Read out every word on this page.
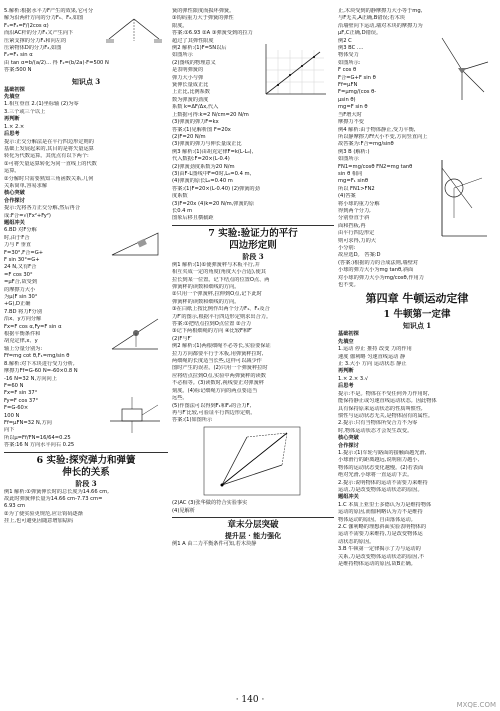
5.解析:根据水平力F产生的效果,它可分
解为沿两杆方向的分力F₁、F₂,如图
F₁=F₂=F/(2cos α)
而沿AC杆的分力F₁又产生向下
压紧支撑的分力F₁和向左的
压紧物体D的分力F₂,如图
F₂=F₁ sin α
由 tan α=b/(a/2)... 得 F₂=(b/2a)·F=500 N
答案:500 N
知识点 3
基础初探
先填空
1.相互垂直 2.(1)坐标轴 (2)为零
3.三个或三个以上
再判断
1.× 2.×
后思考
提示:正交分解法是在平行四边形定则的
基础上发展起来的,其目的是将矢量运算
转化为代数运算。其优点有以下两个:
①可将矢量运算转化为同一直线上的代数
运算。
②分解时只需要熟知三角函数关系,几何
关系简单,容易求解
核心突破
合作探讨
提示:先将各力正交分解,然后再合
成:F合=√(Fx²+Fy²)
题组冲关
6.BD 对F分解
时,由于F合
力与 F 垂直
F=30°,F合=G+
F sin 30°=G+
24 N,又有F合
=F cos 30°
=μF合,故受到
的摩擦力大小
为μ(F sin 30°
+G),D正确
7.BD 将力F分别
沿x、y方向分解
Fx=F cos α,Fy=F sin α
根据平衡条件和
胡克定律,x、y
轴上分量分别为:
Ff=mg cot θ,F₁=mg/sin θ
8.解析:对下木块进行受力分析,
摩擦力Ff=G-60 N=-60×0.8 N
-16 N=32 N,方向向上
F=60 N
Fx=F sin 37°
Fy=F cos 37°
F=G-60×
100 N
Ff=μFN=32 N,方向
向下
所以μ=Ff/FN=16/64=0.25
答案:16 N 方向水平向右 0.25
6 实验:探究弹力和弹簧
伸长的关系
阶段 3
例1 解析:①弹簧伸长时的总长度为14.66 cm,
故此时弹簧伸长量为14.66 cm-7.73 cm=
6.93 cm
②为了使实验更规范,应让钩码逐渐
挂上,也可避免因随意增加砝码
簧的弹性限度而损坏弹簧。
③钩码重力大于弹簧的弹性
限度。
答案:①6.93 ②A ③弹簧受到的拉力
超过了其弹性限度
例2 解析:(1)F=5N以后
如图所示
(2)图线的物理意义
是表明弹簧的
弹力大小与弹
簧伸长量成正比
上正比,比例系数
数为弹簧的劲度
系数 k=ΔF/Δx,代入
上数据可得:k=2 N/cm=20 N/m
(3)弹簧的弹力F=kx
答案:(1)见解析图 F=20x
(2)F=20 N/m
(3)弹簧的弹力与伸长量成正比
例3 解析:(1)由胡克定律F=k(L-L₀),
代入数据:F=20×(L-0.4)
(2)弹簧劲度系数为20 N/m
(3)由F-L图线中F=0时,L₀=0.4 m,
(4)弹簧的原长L₀=0.40 m
答案:(1)F=20×(L-0.40) (2)弹簧的劲
度系数
(3)F=20x (4)k=20 N/m,弹簧的原
长0.4 m
图象后移且横截距
7 实验:验证力的平行
四边形定则
阶段 3
例1 解析:(1)①使弹簧秤与木板平行,并
相互夹成一定的角度(角度大小合适),使其
拉长到某一位置。记下结点的位置O点、两
弹簧秤的读数和细线的方向。
②只用一个弹簧秤,拉伸到O点,记下此时
弹簧秤的读数和细线的方向。
③在白纸上按比例作出两个分力F₁、F₂及合
力F′的图示,根据平行四边形定则求出合力。
答案:①把结点拉到O点位置 ②合力
③记下两根细绳的方向 ④比较F和F′
(2)F与F′
例2 解析:(1)两根细绳不必等长,实验要保证
拉力方向都要平行于木板,用弹簧秤拉时,
两细绳的长度适当长些,这样可以减少作
图时产生的误差。(2)只用一个弹簧秤拉时
应将结点拉到O点,实验中两弹簧秤的读数
不必相等。(3)读数时,视线要正对弹簧秤
刻度。(4)标记细绳方向的两点要适当
远些。
(5)作图法可以得到F₁和F₂的合力F,
再与F′比较,可验证平行四边形定则。
答案:(1)如图所示
(2)AC (3)张华做的符合实验事实
(4)见解析
章末分层突破
提升层 · 能力强化
例1 A 由二力平衡条件可知,若木块静
止,木块受到的静摩擦力大小等于mg,
与F无关,A正确,B错误;若木块
沿墙壁向下运动,墙对木块的摩擦力为
μF,C正确,D错误。
例2 C
例3 BC ....
物体受力
如图所示:
F cos θ
F合=G+F sin θ
Ff=μFN
F=μmg/(cos θ-
μsin θ)
mg=F sin θ
当F增大时
摩擦力不变
例4 解析:由于物体静止,受力平衡,
所以静摩擦力Ff大小不变,方向竖直向上
故答案为:F合=mg/sinθ
例3 B (解析:)
如图所示
FN1=mg/cosθ FN2=mg tanθ
sin θ 相同
mg=F₁ sinθ
所以 FN1>FN2
(4)答案
将小球的重力分解
得到两个分力,
分别垂直于斜
面和挡板,再
由平行四边形定
则可求得,力的大
小分别:
故应选D。 答案:D
(答案:)根据的力的合成法则,墙壁对
小球的弹力大小为mg tanθ,斜面
对小球的弹力大小为mg/cosθ,作用力
也不变。
第四章 牛顿运动定律
1 牛顿第一定律
知识点 1
基础初探
先填空
1.运动 停止 推持 改变 力的作用
速度 伽利略 匀速直线运动 静
止 3.大小 方向 运动状态 静止
再判断
1.× 2.× 3.√
后思考
提示:不是。物体在不受任何外力作用时,
能保持静止或匀速直线运动状态。因此物体
具有保持原来运动状态的性质叫惯性,
惯性与运动状态无关,是物体固有的属性。
2.提示:只有当物体所受合力不为零
时,物体运动状态才会发生改变。
核心突破
合作探讨
1.提示:(1)车轮与路面的接触面越光滑,
小球滑行的距离越远,说明阻力越小,
物体的运动状态变化越慢。(2)若表面
绝对光滑,小球将一直运动下去。
2.提示:说明物体的运动不需要力来维持
运动,力是改变物体运动状态的原因。
题组冲关
1.C 本质上亚里士多德认为力是维持物体
运动的原因,而伽利略认为力不是维持
物体运动的原因。自由落体运动。
2.C 伽利略的理想斜面实验表明物体的
运动不需要力来维持,力是改变物体运
动状态的原因。
3.B 牛顿第一定律揭示了力与运动的
关系,力是改变物体运动状态的原因,不
是维持物体运动的原因,故B正确。
· 140 ·	MXQE.COM
